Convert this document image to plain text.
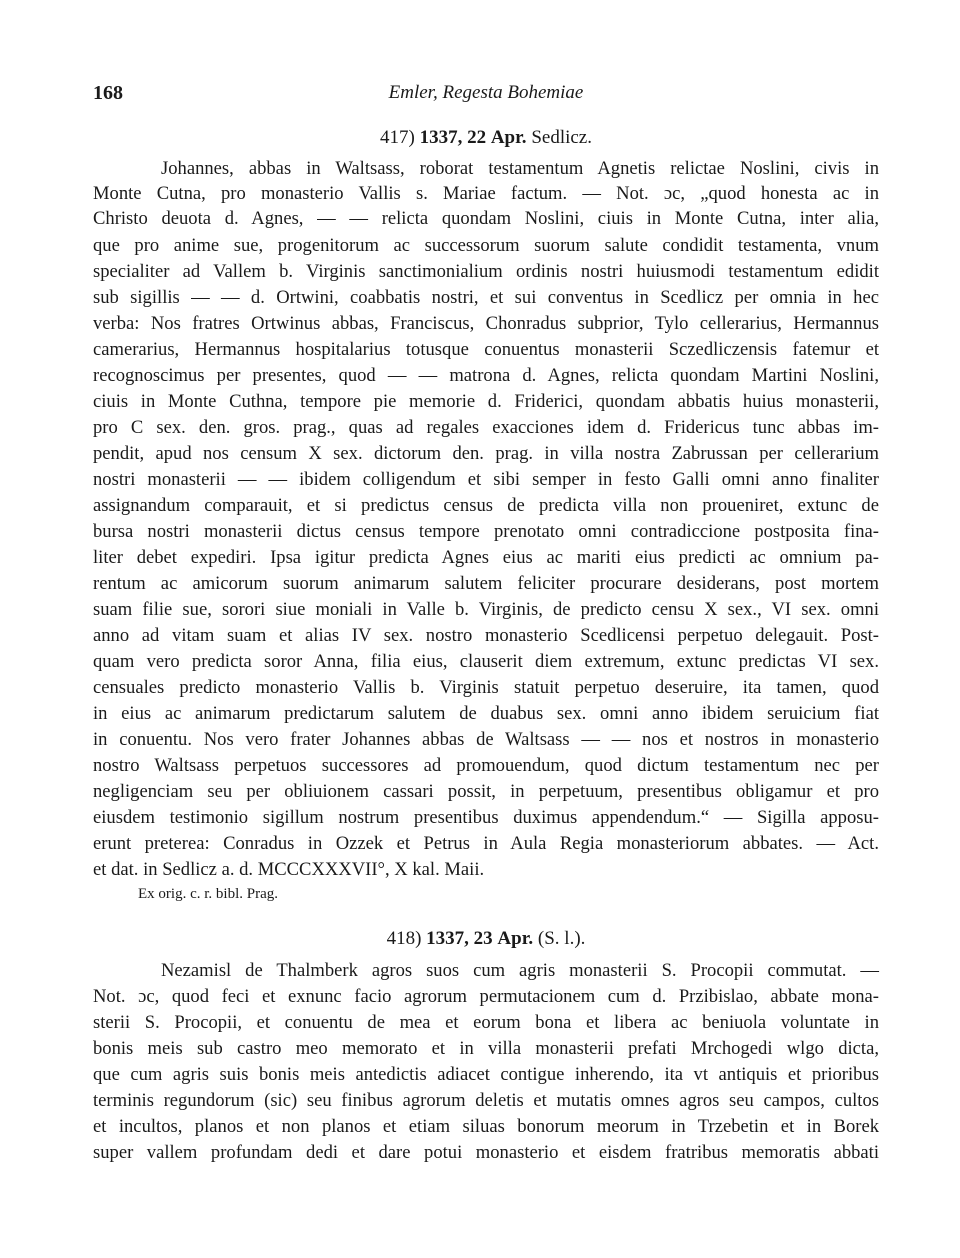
168	Emler, Regesta Bohemiae
417) 1337, 22 Apr. Sedlicz.
Johannes, abbas in Waltsass, roborat testamentum Agnetis relictae Noslini, civis in
Monte Cutna, pro monasterio Vallis s. Mariae factum. — Not. ɔc, „quod honesta ac in
Christo deuota d. Agnes, — — relicta quondam Noslini, ciuis in Monte Cutna, inter alia,
que pro anime sue, progenitorum ac successorum suorum salute condidit testamenta, vnum
specialiter ad Vallem b. Virginis sanctimonialium ordinis nostri huiusmodi testamentum edidit
sub sigillis — — d. Ortwini, coabbatis nostri, et sui conventus in Scedlicz per omnia in hec
verba: Nos fratres Ortwinus abbas, Franciscus, Chonradus subprior, Tylo cellerarius, Hermannus
camerarius, Hermannus hospitalarius totusque conuentus monasterii Sczedliczensis fatemur et
recognoscimus per presentes, quod — — matrona d. Agnes, relicta quondam Martini Noslini,
ciuis in Monte Cuthna, tempore pie memorie d. Friderici, quondam abbatis huius monasterii,
pro C sex. den. gros. prag., quas ad regales exacciones idem d. Fridericus tunc abbas im-
pendit, apud nos censum X sex. dictorum den. prag. in villa nostra Zabrussan per cellerarium
nostri monasterii — — ibidem colligendum et sibi semper in festo Galli omni anno finaliter
assignandum comparauit, et si predictus census de predicta villa non proueniret, extunc de
bursa nostri monasterii dictus census tempore prenotato omni contradiccione postposita fina-
liter debet expediri. Ipsa igitur predicta Agnes eius ac mariti eius predicti ac omnium pa-
rentum ac amicorum suorum animarum salutem feliciter procurare desiderans, post mortem
suam filie sue, sorori siue moniali in Valle b. Virginis, de predicto censu X sex., VI sex. omni
anno ad vitam suam et alias IV sex. nostro monasterio Scedlicensi perpetuo delegauit. Post-
quam vero predicta soror Anna, filia eius, clauserit diem extremum, extunc predictas VI sex.
censuales predicto monasterio Vallis b. Virginis statuit perpetuo deseruire, ita tamen, quod
in eius ac animarum predictarum salutem de duabus sex. omni anno ibidem seruicium fiat
in conuentu. Nos vero frater Johannes abbas de Waltsass — — nos et nostros in monasterio
nostro Waltsass perpetuos successores ad promouendum, quod dictum testamentum nec per
negligenciam seu per obliuionem cassari possit, in perpetuum, presentibus obligamur et pro
eiusdem testimonio sigillum nostrum presentibus duximus appendendum.“ — Sigilla apposu-
erunt preterea: Conradus in Ozzek et Petrus in Aula Regia monasteriorum abbates. — Act.
et dat. in Sedlicz a. d. MCCCXXXVII°, X kal. Maii.
Ex orig. c. r. bibl. Prag.
418) 1337, 23 Apr. (S. l.).
Nezamisl de Thalmberk agros suos cum agris monasterii S. Procopii commutat. —
Not. ɔc, quod feci et exnunc facio agrorum permutacionem cum d. Przibislao, abbate mona-
sterii S. Procopii, et conuentu de mea et eorum bona et libera ac beniuola voluntate in
bonis meis sub castro meo memorato et in villa monasterii prefati Mrchogedi wlgo dicta,
que cum agris suis bonis meis antedictis adiacet contigue inherendo, ita vt antiquis et prioribus
terminis regundorum (sic) seu finibus agrorum deletis et mutatis omnes agros seu campos, cultos
et incultos, planos et non planos et etiam siluas bonorum meorum in Trzebetin et in Borek
super vallem profundam dedi et dare potui monasterio et eisdem fratribus memoratis abbati
